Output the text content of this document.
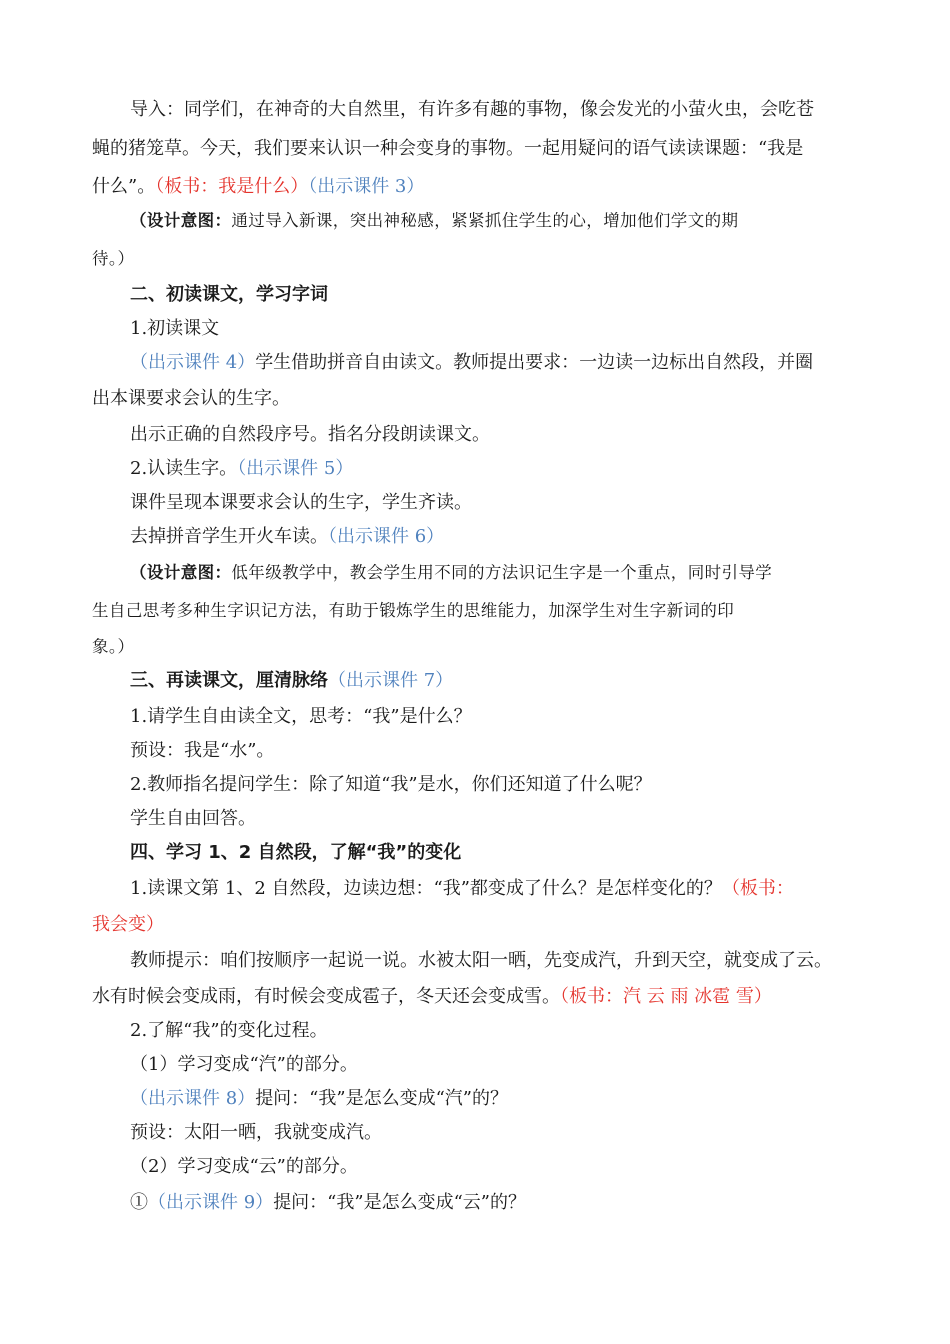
导入：同学们，在神奇的大自然里，有许多有趣的事物，像会发光的小萤火虫，会吃苍
蝇的猪笼草。今天，我们要来认识一种会变身的事物。一起用疑问的语气读读课题：“我是
什么”。（板书：我是什么）（出示课件 3）
（设计意图：通过导入新课，突出神秘感，紧紧抓住学生的心，增加他们学文的期
待。）
二、初读课文，学习字词
1.初读课文
（出示课件 4）学生借助拼音自由读文。教师提出要求：一边读一边标出自然段，并圈
出本课要求会认的生字。
出示正确的自然段序号。指名分段朗读课文。
2.认读生字。（出示课件 5）
课件呈现本课要求会认的生字，学生齐读。
去掉拼音学生开火车读。（出示课件 6）
（设计意图：低年级教学中，教会学生用不同的方法识记生字是一个重点，同时引导学
生自己思考多种生字识记方法，有助于锻炼学生的思维能力，加深学生对生字新词的印
象。）
三、再读课文，厘清脉络（出示课件 7）
1.请学生自由读全文，思考：“我”是什么？
预设：我是“水”。
2.教师指名提问学生：除了知道“我”是水，你们还知道了什么呢？
学生自由回答。
四、学习 1、2 自然段，了解“我”的变化
1.读课文第 1、2 自然段，边读边想：“我”都变成了什么？是怎样变化的？（板书：
我会变）
教师提示：咱们按顺序一起说一说。水被太阳一晒，先变成汽，升到天空，就变成了云。
水有时候会变成雨，有时候会变成雹子，冬天还会变成雪。（板书：汽 云 雨 冰雹 雪）
2.了解“我”的变化过程。
（1）学习变成“汽”的部分。
（出示课件 8）提问：“我”是怎么变成“汽”的？
预设：太阳一晒，我就变成汽。
（2）学习变成“云”的部分。
①（出示课件 9）提问：“我”是怎么变成“云”的？
